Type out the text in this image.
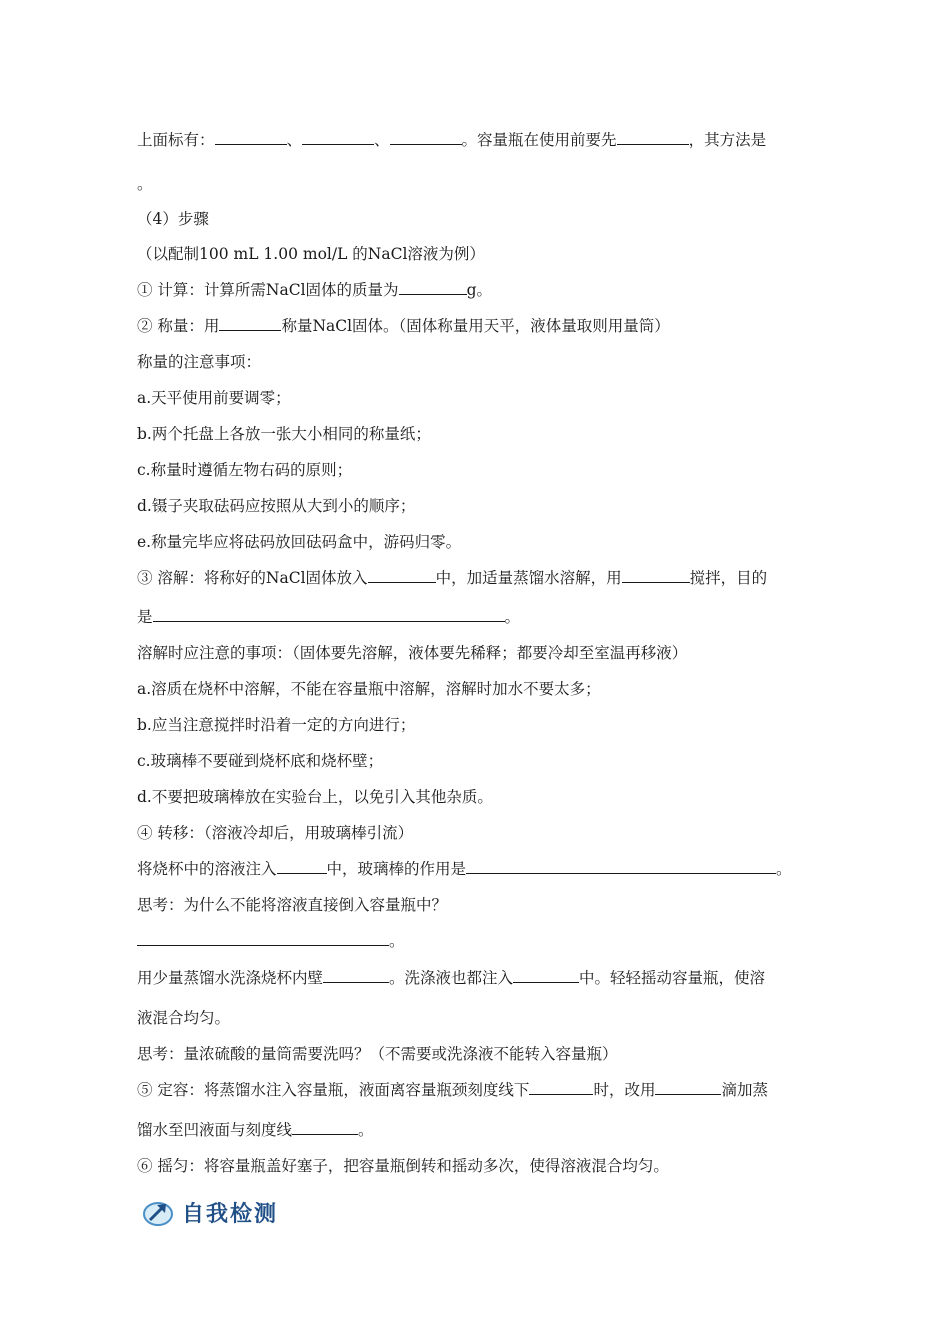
上面标有：	、	、	。容量瓶在使用前要先	，其方法是
。
（4）步骤
（以配制100 mL 1.00 mol/L 的NaCl溶液为例）
① 计算：计算所需NaCl固体的质量为	g。
② 称量：用	称量NaCl固体。（固体称量用天平，液体量取则用量筒）
称量的注意事项：
a.天平使用前要调零；
b.两个托盘上各放一张大小相同的称量纸；
c.称量时遵循左物右码的原则；
d.镊子夹取砝码应按照从大到小的顺序；
e.称量完毕应将砝码放回砝码盒中，游码归零。
③ 溶解：将称好的NaCl固体放入	中，加适量蒸馏水溶解，用	搅拌，目的
是	。
溶解时应注意的事项：（固体要先溶解，液体要先稀释；都要冷却至室温再移液）
a.溶质在烧杯中溶解，不能在容量瓶中溶解，溶解时加水不要太多；
b.应当注意搅拌时沿着一定的方向进行；
c.玻璃棒不要碰到烧杯底和烧杯壁；
d.不要把玻璃棒放在实验台上，以免引入其他杂质。
④ 转移：（溶液冷却后，用玻璃棒引流）
将烧杯中的溶液注入	中，玻璃棒的作用是	。
思考：为什么不能将溶液直接倒入容量瓶中？
。
用少量蒸馏水洗涤烧杯内壁	。洗涤液也都注入	中。轻轻摇动容量瓶，使溶
液混合均匀。
思考：量浓硫酸的量筒需要洗吗？（不需要或洗涤液不能转入容量瓶）
⑤ 定容：将蒸馏水注入容量瓶，液面离容量瓶颈刻度线下	时，改用	滴加蒸
馏水至凹液面与刻度线	。
⑥ 摇匀：将容量瓶盖好塞子，把容量瓶倒转和摇动多次，使得溶液混合均匀。
自我检测
